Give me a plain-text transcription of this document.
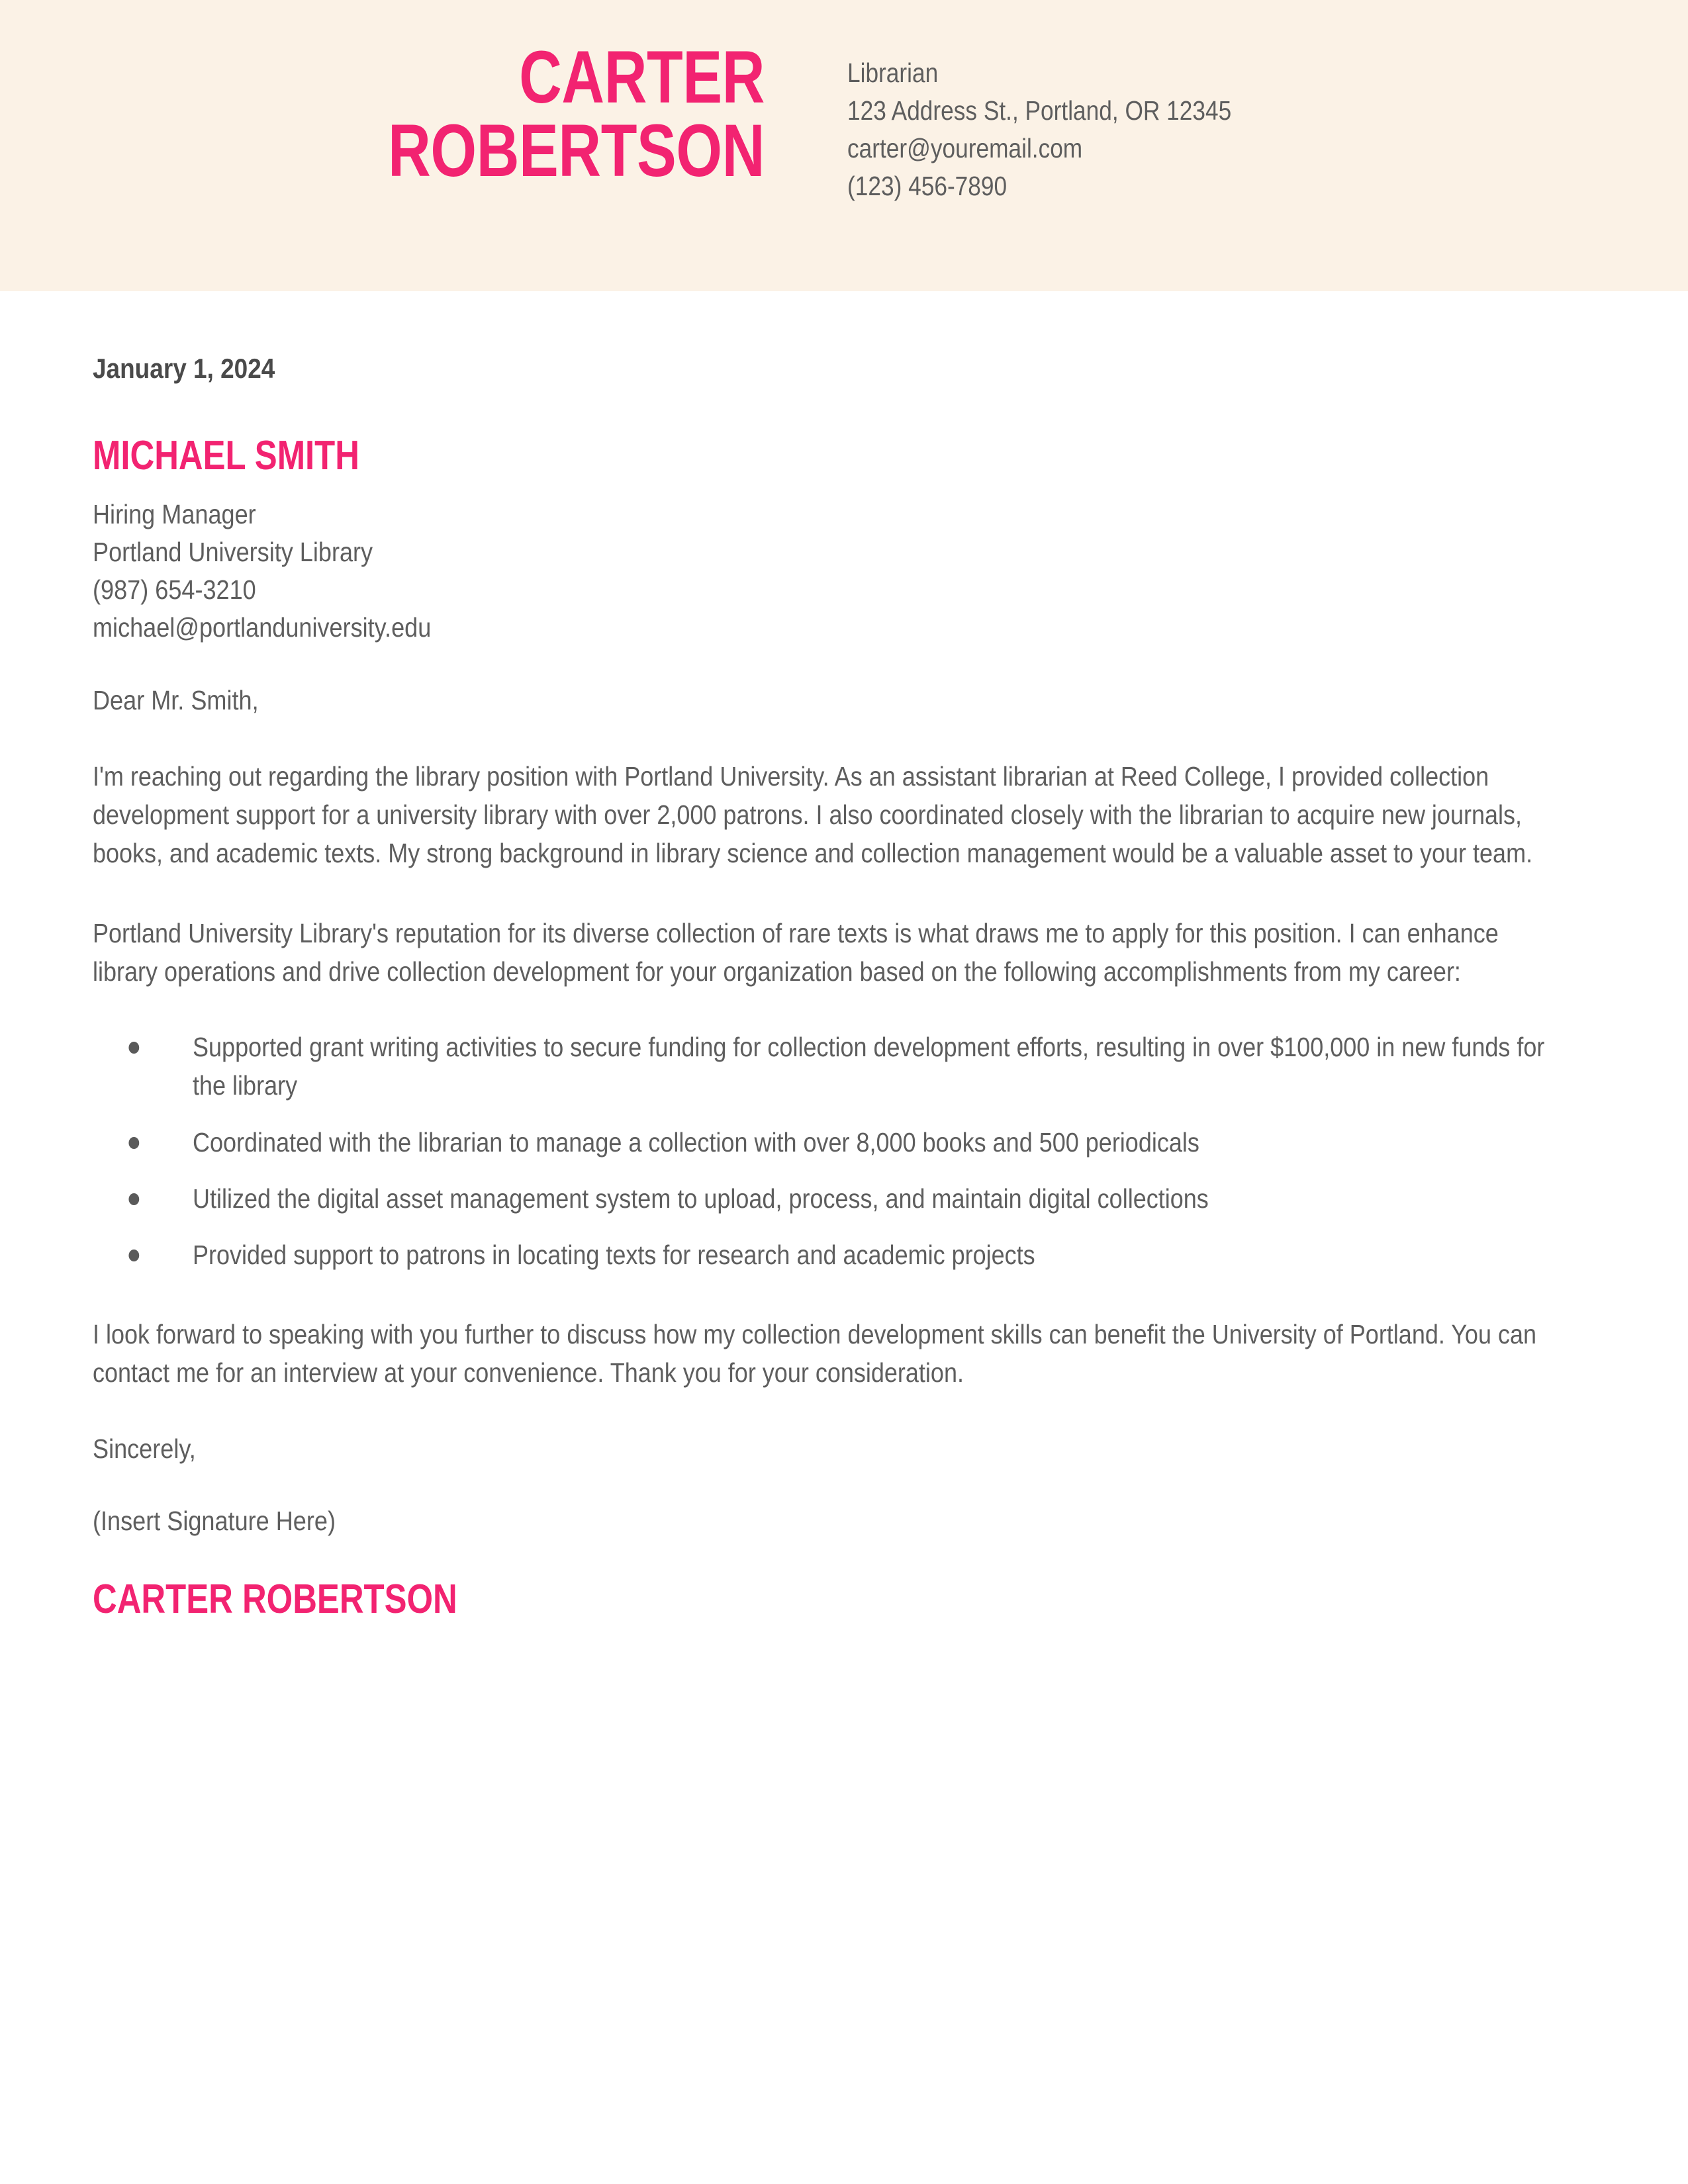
CARTER
ROBERTSON
Librarian
123 Address St., Portland, OR 12345
carter@youremail.com
(123) 456-7890
January 1, 2024
MICHAEL SMITH
Hiring Manager
Portland University Library
(987) 654-3210
michael@portlanduniversity.edu
Dear Mr. Smith,

I'm reaching out regarding the library position with Portland University. As an assistant librarian at Reed College, I provided collection development support for a university library with over 2,000 patrons. I also coordinated closely with the librarian to acquire new journals, books, and academic texts. My strong background in library science and collection management would be a valuable asset to your team.

Portland University Library's reputation for its diverse collection of rare texts is what draws me to apply for this position. I can enhance library operations and drive collection development for your organization based on the following accomplishments from my career:

Supported grant writing activities to secure funding for collection development efforts, resulting in over $100,000 in new funds for the library
Coordinated with the librarian to manage a collection with over 8,000 books and 500 periodicals
Utilized the digital asset management system to upload, process, and maintain digital collections
Provided support to patrons in locating texts for research and academic projects

I look forward to speaking with you further to discuss how my collection development skills can benefit the University of Portland. You can contact me for an interview at your convenience. Thank you for your consideration.

Sincerely,
(Insert Signature Here)
CARTER ROBERTSON
